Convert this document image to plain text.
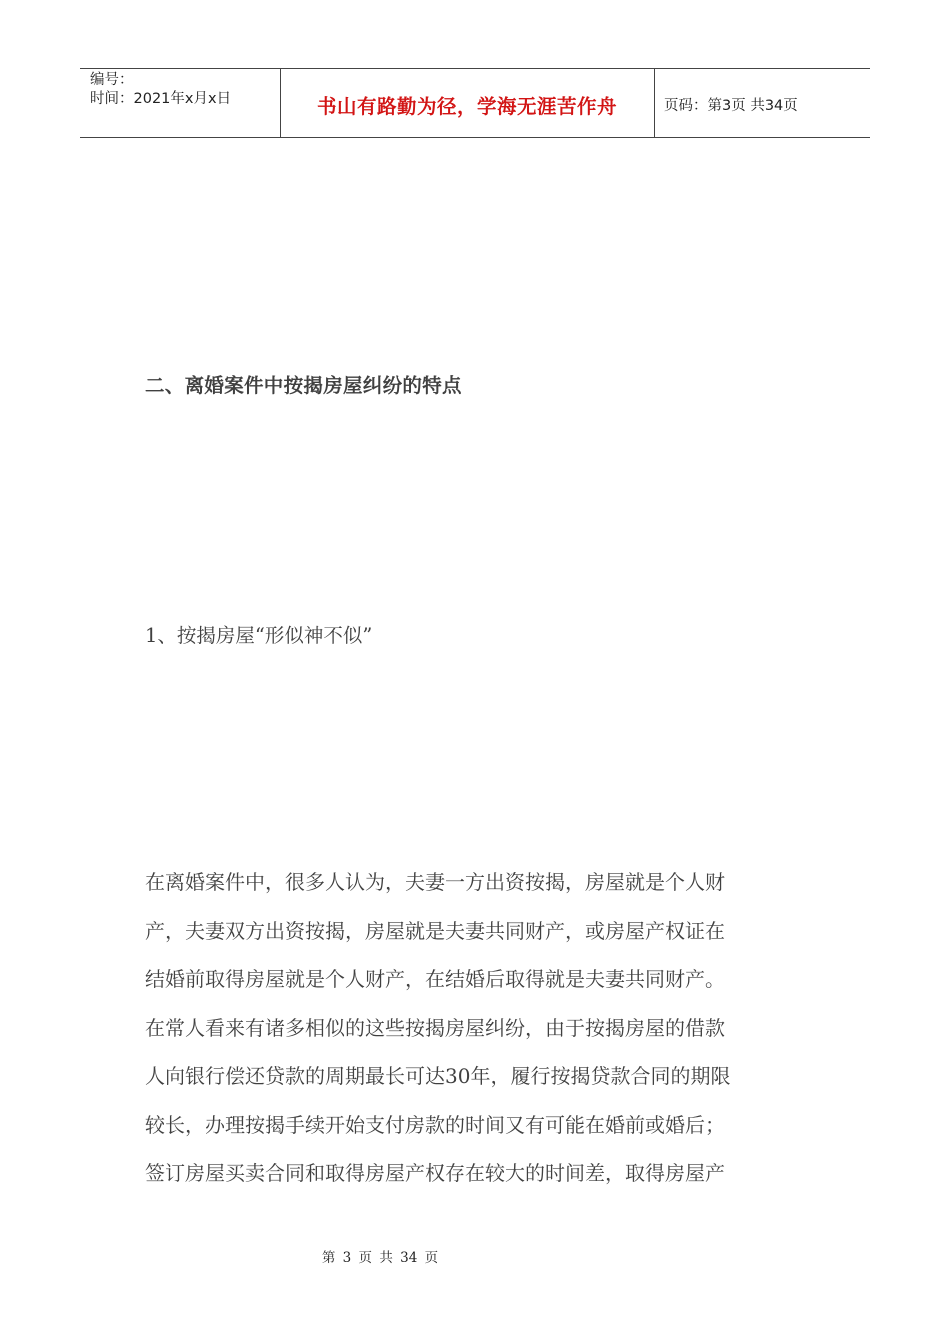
编号：
时间：2021年x月x日	书山有路勤为径，学海无涯苦作舟	页码：第3页 共34页
二、离婚案件中按揭房屋纠纷的特点
1、按揭房屋“形似神不似”
在离婚案件中，很多人认为，夫妻一方出资按揭，房屋就是个人财
产，夫妻双方出资按揭，房屋就是夫妻共同财产，或房屋产权证在
结婚前取得房屋就是个人财产，在结婚后取得就是夫妻共同财产。
在常人看来有诸多相似的这些按揭房屋纠纷，由于按揭房屋的借款
人向银行偿还贷款的周期最长可达30年，履行按揭贷款合同的期限
较长，办理按揭手续开始支付房款的时间又有可能在婚前或婚后；
签订房屋买卖合同和取得房屋产权存在较大的时间差，取得房屋产
第 3 页 共 34 页
